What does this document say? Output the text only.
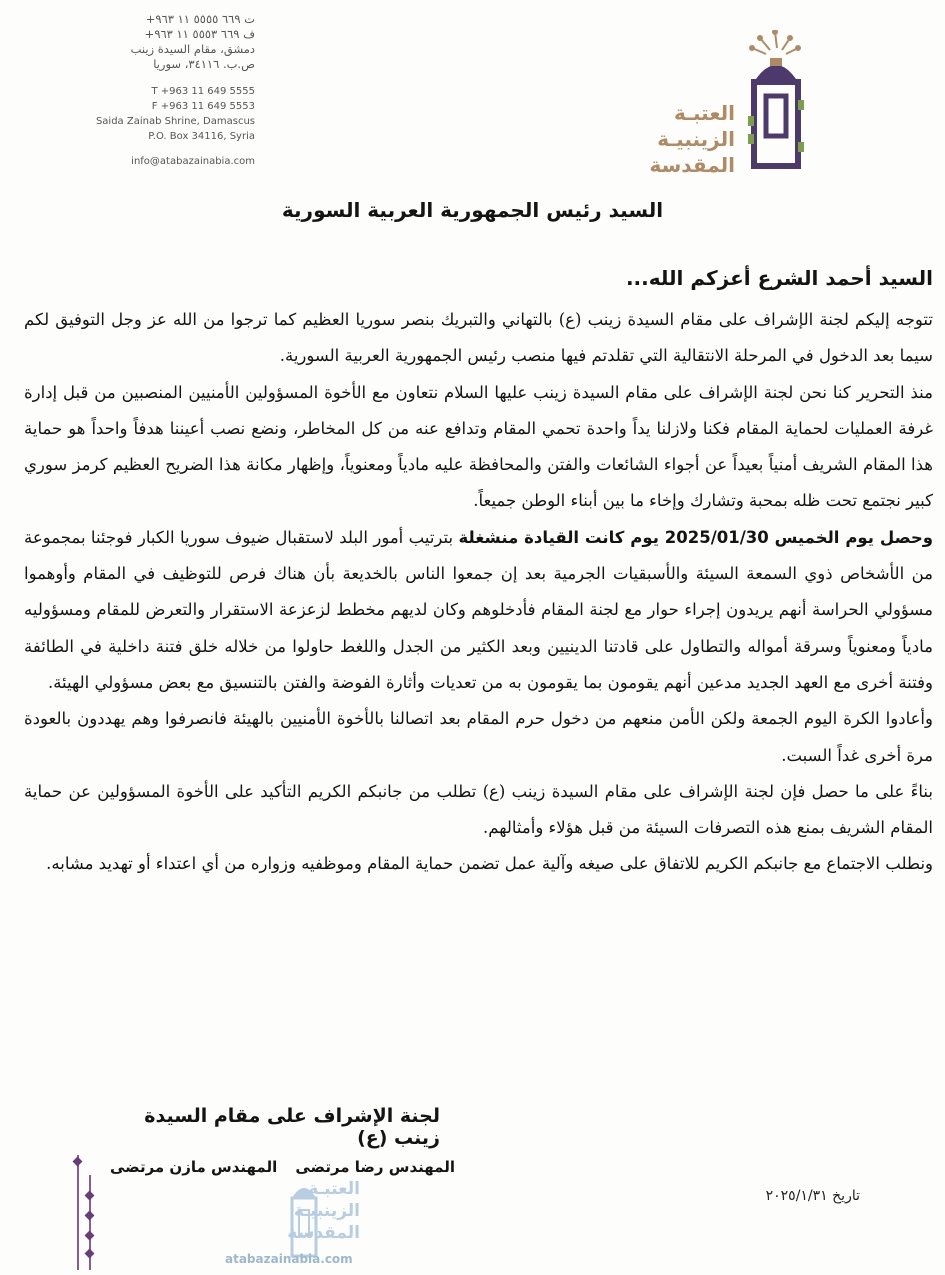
ت ٦٦٩ ٥٥٥٥ ١١ ٩٦٣+
ف ٦٦٩ ٥٥٥٣ ١١ ٩٦٣+
دمشق، مقام السيدة زينب
ص.ب. ٣٤١١٦، سوريا
T +963 11 649 5555
F +963 11 649 5553
Saida Zainab Shrine, Damascus
P.O. Box 34116, Syria
info@atabazainabia.com
العتبـة
الزينبيـة
المقدسة
السيد رئيس الجمهورية العربية السورية
السيد أحمد الشرع أعزكم الله...

تتوجه إليكم لجنة الإشراف على مقام السيدة زينب (ع) بالتهاني والتبريك بنصر سوريا العظيم كما ترجوا من الله عز وجل التوفيق لكم سيما بعد الدخول في المرحلة الانتقالية التي تقلدتم فيها منصب رئيس الجمهورية العربية السورية.

منذ التحرير كنا نحن لجنة الإشراف على مقام السيدة زينب عليها السلام نتعاون مع الأخوة المسؤولين الأمنيين المنصبين من قبل إدارة غرفة العمليات لحماية المقام فكنا ولازلنا يداً واحدة تحمي المقام وتدافع عنه من كل المخاطر، ونضع نصب أعيننا هدفاً واحداً هو حماية هذا المقام الشريف أمنياً بعيداً عن أجواء الشائعات والفتن والمحافظة عليه مادياً ومعنوياً، وإظهار مكانة هذا الضريح العظيم كرمز سوري كبير نجتمع تحت ظله بمحبة وتشارك وإخاء ما بين أبناء الوطن جميعاً.

وحصل يوم الخميس 2025/01/30 يوم كانت القيادة منشغلة بترتيب أمور البلد لاستقبال ضيوف سوريا الكبار فوجئنا بمجموعة من الأشخاص ذوي السمعة السيئة والأسبقيات الجرمية بعد إن جمعوا الناس بالخديعة بأن هناك فرص للتوظيف في المقام وأوهموا مسؤولي الحراسة أنهم يريدون إجراء حوار مع لجنة المقام فأدخلوهم وكان لديهم مخطط لزعزعة الاستقرار والتعرض للمقام ومسؤوليه مادياً ومعنوياً وسرقة أمواله والتطاول على قادتنا الدينيين وبعد الكثير من الجدل واللغط حاولوا من خلاله خلق فتنة داخلية في الطائفة وفتنة أخرى مع العهد الجديد مدعين أنهم يقومون بما يقومون به من تعديات وأثارة الفوضة والفتن بالتنسيق مع بعض مسؤولي الهيئة.

وأعادوا الكرة اليوم الجمعة ولكن الأمن منعهم من دخول حرم المقام بعد اتصالنا بالأخوة الأمنيين بالهيئة فانصرفوا وهم يهددون بالعودة مرة أخرى غداً السبت.

بناءً على ما حصل فإن لجنة الإشراف على مقام السيدة زينب (ع) تطلب من جانبكم الكريم التأكيد على الأخوة المسؤولين عن حماية المقام الشريف بمنع هذه التصرفات السيئة من قبل هؤلاء وأمثالهم.

ونطلب الاجتماع مع جانبكم الكريم للاتفاق على صيغه وآلية عمل تضمن حماية المقام وموظفيه وزواره من أي اعتداء أو تهديد مشابه.

لجنة الإشراف على مقام السيدة زينب (ع)
المهندس رضا مرتضى
المهندس مازن مرتضى
تاريخ ٢٠٢٥/١/٣١
العتبـة
الزينبيـة
المقدسة
atabazainabia.com
